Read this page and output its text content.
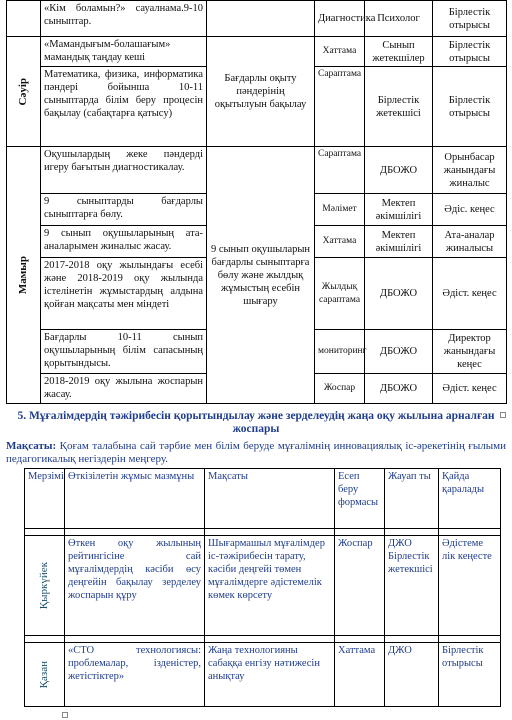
	«Кім боламын?» сауалнама.9-10 сыныптар.		Диагностика	Психолог	Бірлестік отырысы

Сәуір	«Мамандығым-болашағым» мамандық таңдау кеші	Бағдарлы оқыту пәндерінің оқытылуын бақылау	Хаттама	Сынып жетекшілер	Бірлестік отырысы
	Математика, физика, информатика пәндері бойынша 10-11 сыныптарда білім беру процесін бақылау (сабақтарға қатысу)		Сараптама	Бірлестік жетекшісі	Бірлестік отырысы

Мамыр	Оқушылардың жеке пәндерді игеру бағытын диагностикалау.	9 сынып оқушыларын бағдарлы сыныптарға бөлу және жылдық жұмыстың есебін шығару	Сараптама	ДБОЖО	Орынбасар жанындағы жиналыс
	9 сыныптарды бағдарлы сыныптарға бөлу.		Мәлімет	Мектеп әкімшілігі	Әдіс. кеңес
	9 сынып оқушыларының ата-аналарымен жиналыс жасау.		Хаттама	Мектеп әкімшілігі	Ата-аналар жиналысы
	2017-2018 оқу жылындағы есебі және 2018-2019 оқу жылында істелінетін жұмыстардың алдына қойған мақсаты мен міндеті		Жылдық сараптама	ДБОЖО	Әдіст. кеңес
	Бағдарлы 10-11 сынып оқушыларының білім сапасының қорытындысы.		мониторинг	ДБОЖО	Директор жанындағы кеңес
	2018-2019 оқу жылына жоспарын жасау.		Жоспар	ДБОЖО	Әдіст. кеңес
5. Мұғалімдердің тәжірибесін қорытындылау және зерделеудің жаңа оқу жылына арналған жоспары
Мақсаты: Қоғам талабына сай тәрбие мен білім беруде мұғалімнің инновациялық іс-әрекетінің ғылыми педагогикалық негіздерін меңгеру.
Мерзімі	Өткізілетін жұмыс мазмұны	Мақсаты	Есеп беру формасы	Жауап ты	Қайда қаралады

Қыркүйек	Өткен оқу жылының рейтингісіне сай мұғалімдердің кәсіби өсу деңгейін бақылау зерделеу жоспарын құру	Шығармашыл мұғалімдер іс-тәжірибесін тарату, кәсіби деңгейі төмен мұғалімдерге әдістемелік көмек көрсету	Жоспар	ДЖО Бірлестік жетекшісі	Әдістеме лік кеңесте

Қазан	«СТО технологиясы: проблемалар, ізденістер, жетістіктер»	Жаңа технологияны сабаққа енгізу нәтижесін анықтау	Хаттама	ДЖО	Бірлестік отырысы
